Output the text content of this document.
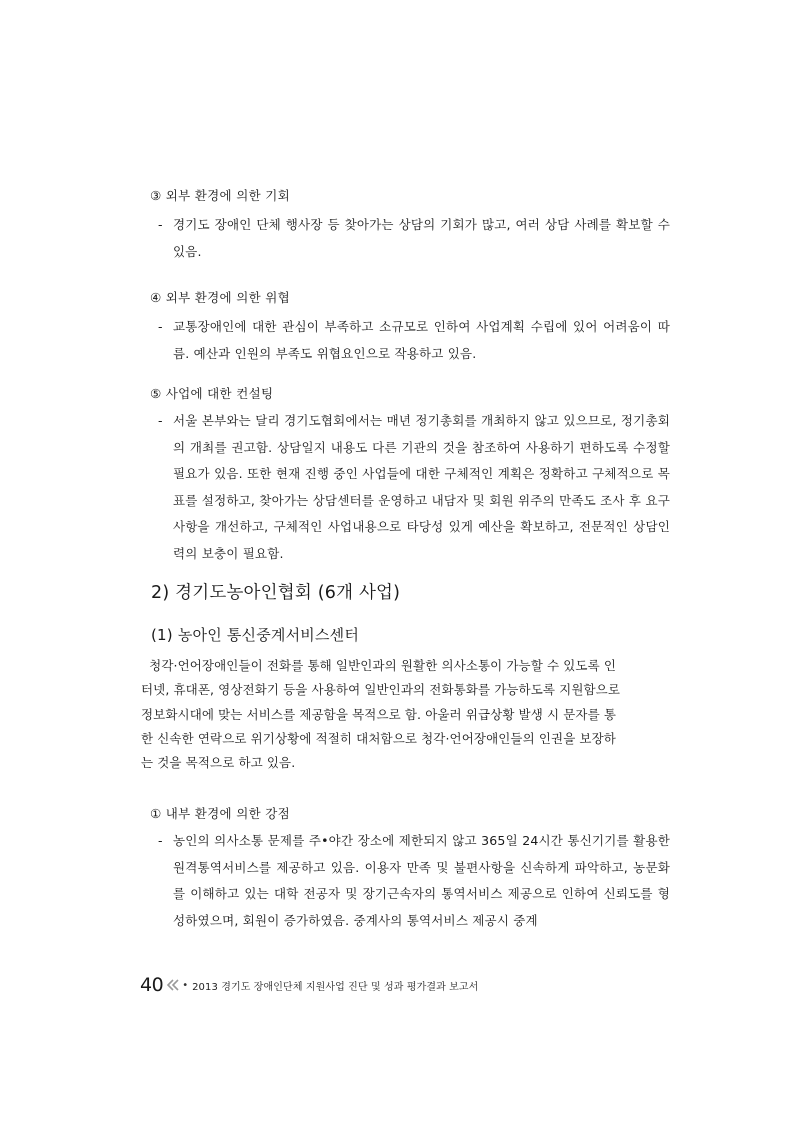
③ 외부 환경에 의한 기회

- 경기도 장애인 단체 행사장 등 찾아가는 상담의 기회가 많고, 여러 상담 사례를 확보할 수 있음.

④ 외부 환경에 의한 위협

- 교통장애인에 대한 관심이 부족하고 소규모로 인하여 사업계획 수립에 있어 어려움이 따름. 예산과 인원의 부족도 위협요인으로 작용하고 있음.

⑤ 사업에 대한 컨설팅

- 서울 본부와는 달리 경기도협회에서는 매년 정기총회를 개최하지 않고 있으므로, 정기총회의 개최를 권고함. 상담일지 내용도 다른 기관의 것을 참조하여 사용하기 편하도록 수정할 필요가 있음. 또한 현재 진행 중인 사업들에 대한 구체적인 계획은 정확하고 구체적으로 목표를 설정하고, 찾아가는 상담센터를 운영하고 내담자 및 회원 위주의 만족도 조사 후 요구사항을 개선하고, 구체적인 사업내용으로 타당성 있게 예산을 확보하고, 전문적인 상담인력의 보충이 필요함.
2) 경기도농아인협회 (6개 사업)
(1) 농아인 통신중계서비스센터
청각·언어장애인들이 전화를 통해 일반인과의 원활한 의사소통이 가능할 수 있도록 인
터넷, 휴대폰, 영상전화기 등을 사용하여 일반인과의 전화통화를 가능하도록 지원함으로
정보화시대에 맞는 서비스를 제공함을 목적으로 함. 아울러 위급상황 발생 시 문자를 통
한 신속한 연락으로 위기상황에 적절히 대처함으로 청각·언어장애인들의 인권을 보장하
는 것을 목적으로 하고 있음.

① 내부 환경에 의한 강점

- 농인의 의사소통 문제를 주•야간 장소에 제한되지 않고 365일 24시간 통신기기를 활용한 원격통역서비스를 제공하고 있음. 이용자 만족 및 불편사항을 신속하게 파악하고, 농문화를 이해하고 있는 대학 전공자 및 장기근속자의 통역서비스 제공으로 인하여 신뢰도를 형성하였으며, 회원이 증가하였음. 중계사의 통역서비스 제공시 중계
40 • 2013 경기도 장애인단체 지원사업 진단 및 성과 평가결과 보고서
